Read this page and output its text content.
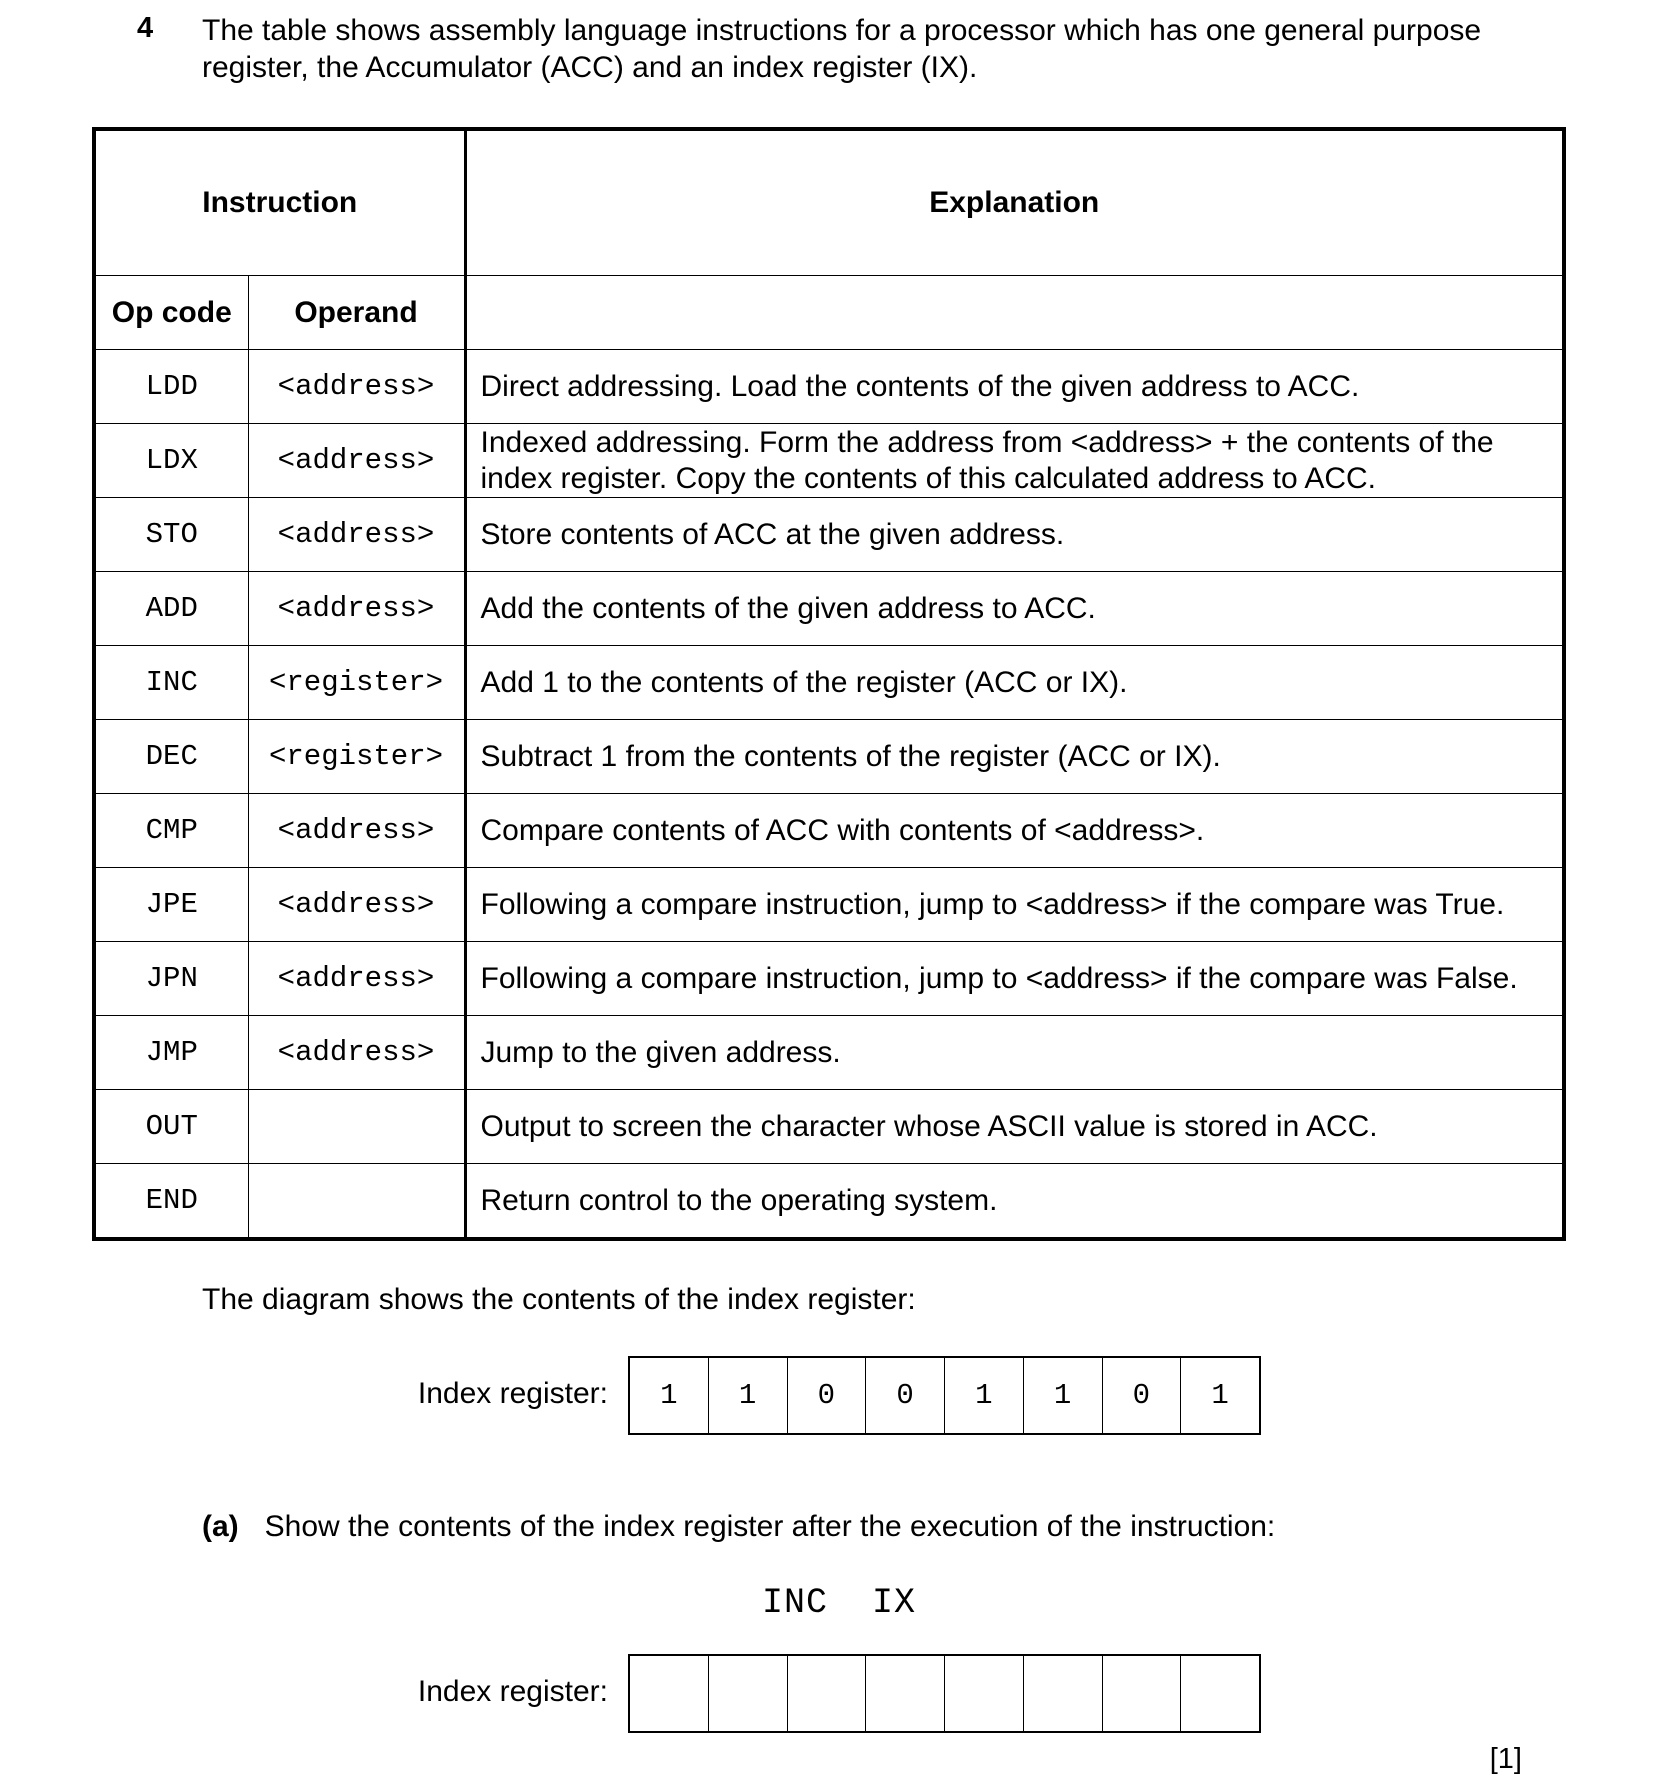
4 The table shows assembly language instructions for a processor which has one general purpose
register, the Accumulator (ACC) and an index register (IX).
Instruction		Explanation
Op code	Operand	
LDD	<address>	Direct addressing. Load the contents of the given address to ACC.
LDX	<address>	Indexed addressing. Form the address from <address> + the contents of the
index register. Copy the contents of this calculated address to ACC.

STO	<address>	Store contents of ACC at the given address.
ADD	<address>	Add the contents of the given address to ACC.
INC	<register>	Add 1 to the contents of the register (ACC or IX).
DEC	<register>	Subtract 1 from the contents of the register (ACC or IX).
CMP	<address>	Compare contents of ACC with contents of <address>.
JPE	<address>	Following a compare instruction, jump to <address> if the compare was True.
JPN	<address>	Following a compare instruction, jump to <address> if the compare was False.
JMP	<address>	Jump to the given address.
OUT		Output to screen the character whose ASCII value is stored in ACC.
END		Return control to the operating system.
The diagram shows the contents of the index register:
Index register:	1	1	0	0	1	1	0	1
(a) Show the contents of the index register after the execution of the instruction:
INC  IX
Index register:
[1]
